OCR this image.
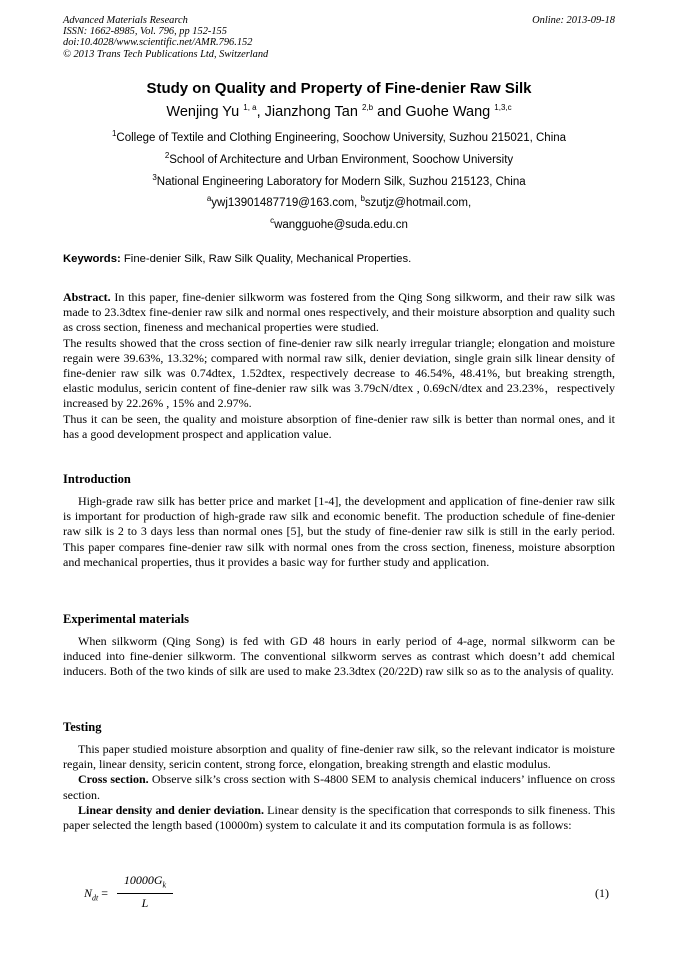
Advanced Materials Research	Online: 2013-09-18
ISSN: 1662-8985, Vol. 796, pp 152-155
doi:10.4028/www.scientific.net/AMR.796.152
© 2013 Trans Tech Publications Ltd, Switzerland
Study on Quality and Property of Fine-denier Raw Silk
Wenjing Yu $^{1, a}$, Jianzhong Tan $^{2,b}$ and Guohe Wang $^{1,3,c}$
$^1$College of Textile and Clothing Engineering, Soochow University, Suzhou 215021, China
$^2$School of Architecture and Urban Environment, Soochow University
$^3$National Engineering Laboratory for Modern Silk, Suzhou 215123, China
$^a$ywj13901487719@163.com, $^b$szutjz@hotmail.com,
$^c$wangguohe@suda.edu.cn
Keywords: Fine-denier Silk, Raw Silk Quality, Mechanical Properties.

Abstract. In this paper, fine-denier silkworm was fostered from the Qing Song silkworm, and their raw silk was made to 23.3dtex fine-denier raw silk and normal ones respectively, and their moisture absorption and quality such as cross section, fineness and mechanical properties were studied.

The results showed that the cross section of fine-denier raw silk nearly irregular triangle; elongation and moisture regain were 39.63%, 13.32%; compared with normal raw silk, denier deviation, single grain silk linear density of fine-denier raw silk was 0.74dtex, 1.52dtex, respectively decrease to 46.54%, 48.41%, but breaking strength, elastic modulus, sericin content of fine-denier raw silk was 3.79cN/dtex , 0.69cN/dtex and 23.23%，respectively increased by 22.26% , 15% and 2.97%.

Thus it can be seen, the quality and moisture absorption of fine-denier raw silk is better than normal ones, and it has a good development prospect and application value.

Introduction

High-grade raw silk has better price and market [1-4], the development and application of fine-denier raw silk is important for production of high-grade raw silk and economic benefit. The production schedule of fine-denier raw silk is 2 to 3 days less than normal ones [5], but the study of fine-denier raw silk is still in the early period. This paper compares fine-denier raw silk with normal ones from the cross section, fineness, moisture absorption and mechanical properties, thus it provides a basic way for further study and application.

Experimental materials

When silkworm (Qing Song) is fed with GD 48 hours in early period of 4-age, normal silkworm can be induced into fine-denier silkworm. The conventional silkworm serves as contrast which doesn’t add chemical inducers. Both of the two kinds of silk are used to make 23.3dtex (20/22D) raw silk so as to the analysis of quality.

Testing

This paper studied moisture absorption and quality of fine-denier raw silk, so the relevant indicator is moisture regain, linear density, sericin content, strong force, elongation, breaking strength and elastic modulus.

Cross section. Observe silk’s cross section with S-4800 SEM to analysis chemical inducers’ influence on cross section.

Linear density and denier deviation. Linear density is the specification that corresponds to silk fineness. This paper selected the length based (10000m) system to calculate it and its computation formula is as follows:

$N_{dt}$ =
$10000G_k$
L
(1)
